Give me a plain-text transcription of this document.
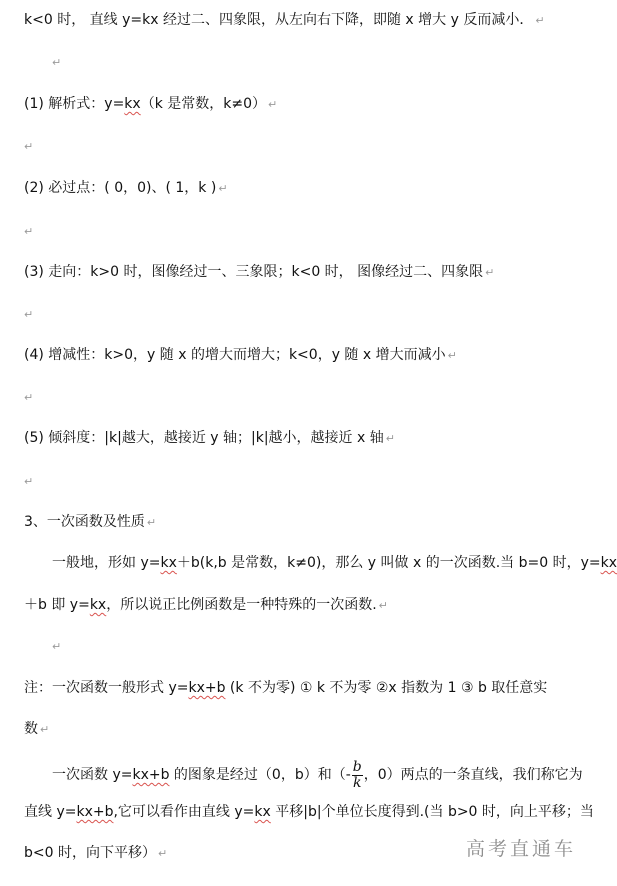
k<0 时， 直线 y=kx 经过二、四象限，从左向右下降，即随 x 增大 y 反而减小． ↵
↵
(1) 解析式：y=kx（k 是常数，k≠0） ↵
↵
(2) 必过点：( 0，0)、( 1，k ) ↵
↵
(3) 走向：k>0 时，图像经过一、三象限；k<0 时， 图像经过二、四象限 ↵
↵
(4) 增减性：k>0，y 随 x 的增大而增大；k<0，y 随 x 增大而减小 ↵
↵
(5) 倾斜度：|k|越大，越接近 y 轴；|k|越小，越接近 x 轴 ↵
↵
3、一次函数及性质 ↵
一般地，形如 y=kx＋b(k,b 是常数，k≠0)，那么 y 叫做 x 的一次函数.当 b=0 时，y=kx
＋b 即 y=kx，所以说正比例函数是一种特殊的一次函数. ↵
↵
注：一次函数一般形式 y=kx+b (k 不为零) ① k 不为零 ②x 指数为 1 ③ b 取任意实
数 ↵
一次函数 y=kx+b 的图象是经过（0，b）和（- $\frac{b}{k}$ ，0）两点的一条直线，我们称它为
直线 y=kx+b,它可以看作由直线 y=kx 平移|b|个单位长度得到.(当 b>0 时，向上平移；当
b<0 时，向下平移） ↵	高考直通车
